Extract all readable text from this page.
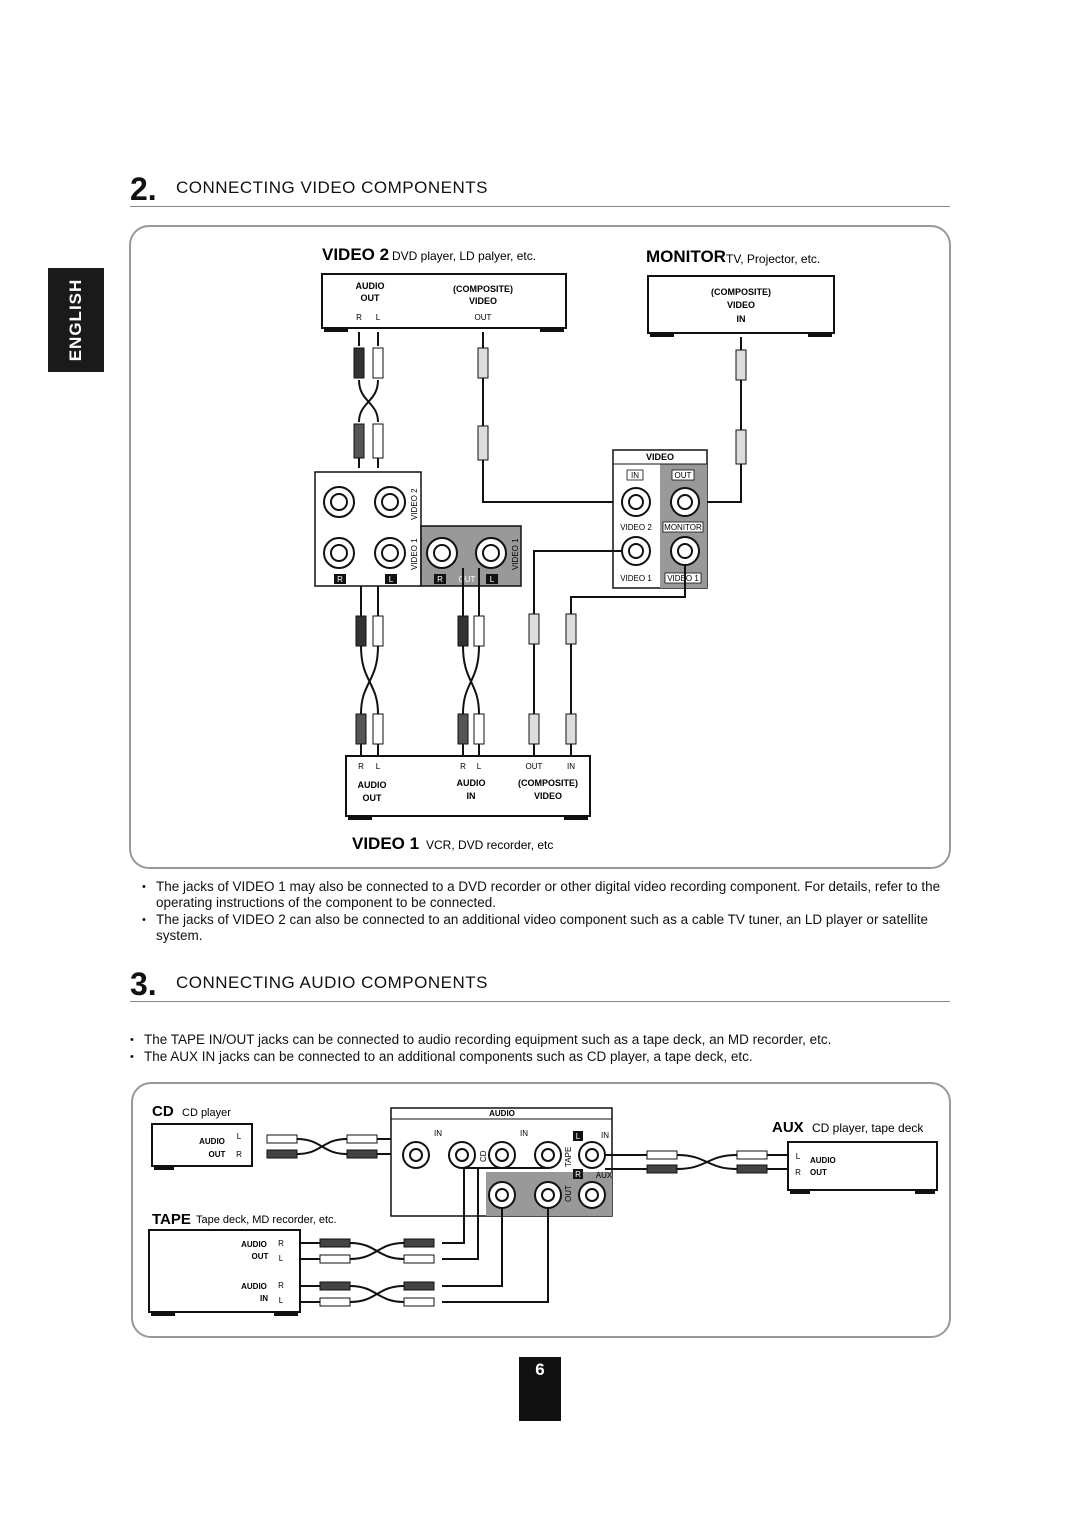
ENGLISH
2. CONNECTING VIDEO COMPONENTS
VIDEO 2 DVD player, LD palyer, etc.
AUDIO
OUT
(COMPOSITE)
VIDEO
R L	OUT
MONITOR TV, Projector, etc.
(COMPOSITE)
VIDEO
IN
VIDEO 2
VIDEO 1	VIDEO 1
R	L	R OUT L
VIDEO
IN	OUT
VIDEO 2 MONITOR
VIDEO 1 VIDEO 1
R L	R L	OUT	IN
AUDIO
OUT
AUDIO
IN
(COMPOSITE)
VIDEO
VIDEO 1 VCR, DVD recorder, etc
• The jacks of VIDEO 1 may also be connected to a DVD recorder or other digital video recording component. For details, refer to the operating instructions of the component to be connected.
• The jacks of VIDEO 2 can also be connected to an additional video component such as a cable TV tuner, an LD player or satellite system.
3. CONNECTING AUDIO COMPONENTS
• The TAPE IN/OUT jacks can be connected to audio recording equipment such as a tape deck, an MD recorder, etc.
• The AUX IN jacks can be connected to an additional components such as CD player, a tape deck, etc.
CD CD player
AUDIO
OUT
L
R
AUDIO
IN	IN	IN
CD	TAPE
OUT
L
R AUX
AUX CD player, tape deck
L
R
AUDIO
OUT
TAPE Tape deck, MD recorder, etc.
AUDIO
OUT
R
L
AUDIO
IN
R
L
6
